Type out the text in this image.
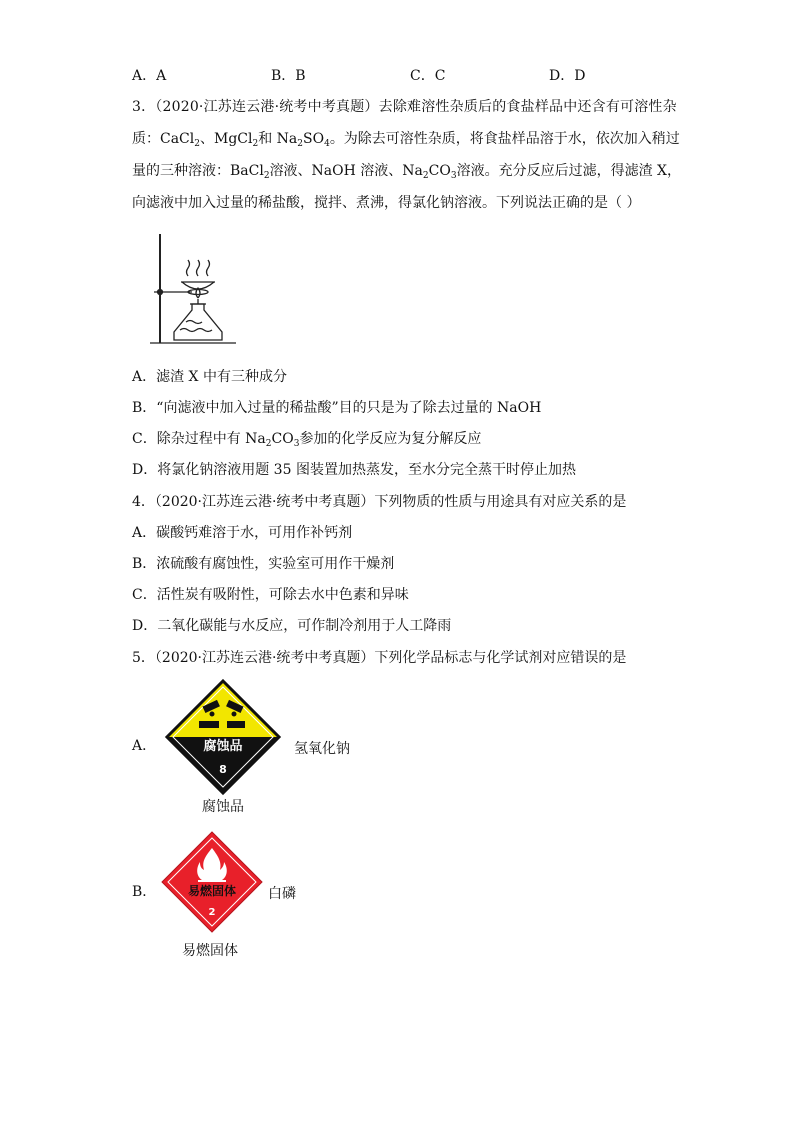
A．A	B．B	C．C	D．D
3．（2020·江苏连云港·统考中考真题）去除难溶性杂质后的食盐样品中还含有可溶性杂
质：CaCl$_2$、MgCl$_2$和 $Na_2SO_4$。为除去可溶性杂质，将食盐样品溶于水，依次加入稍过
量的三种溶液：BaCl$_2$溶液、NaOH 溶液、$Na_2CO_3$溶液。充分反应后过滤，得滤渣 X，
向滤液中加入过量的稀盐酸，搅拌、煮沸，得氯化钠溶液。下列说法正确的是（ ）
A．滤渣 X 中有三种成分
B．“向滤液中加入过量的稀盐酸”目的只是为了除去过量的 NaOH
C．除杂过程中有 $Na_2CO_3$参加的化学反应为复分解反应
D．将氯化钠溶液用题 35 图装置加热蒸发，至水分完全蒸干时停止加热
4．（2020·江苏连云港·统考中考真题）下列物质的性质与用途具有对应关系的是
A．碳酸钙难溶于水，可用作补钙剂
B．浓硫酸有腐蚀性，实验室可用作干燥剂
C．活性炭有吸附性，可除去水中色素和异味
D．二氧化碳能与水反应，可作制冷剂用于人工降雨
5．（2020·江苏连云港·统考中考真题）下列化学品标志与化学试剂对应错误的是
A．	腐蚀品
8
氢氧化钠
腐蚀品
B．	易燃固体
2
白磷
易燃固体
